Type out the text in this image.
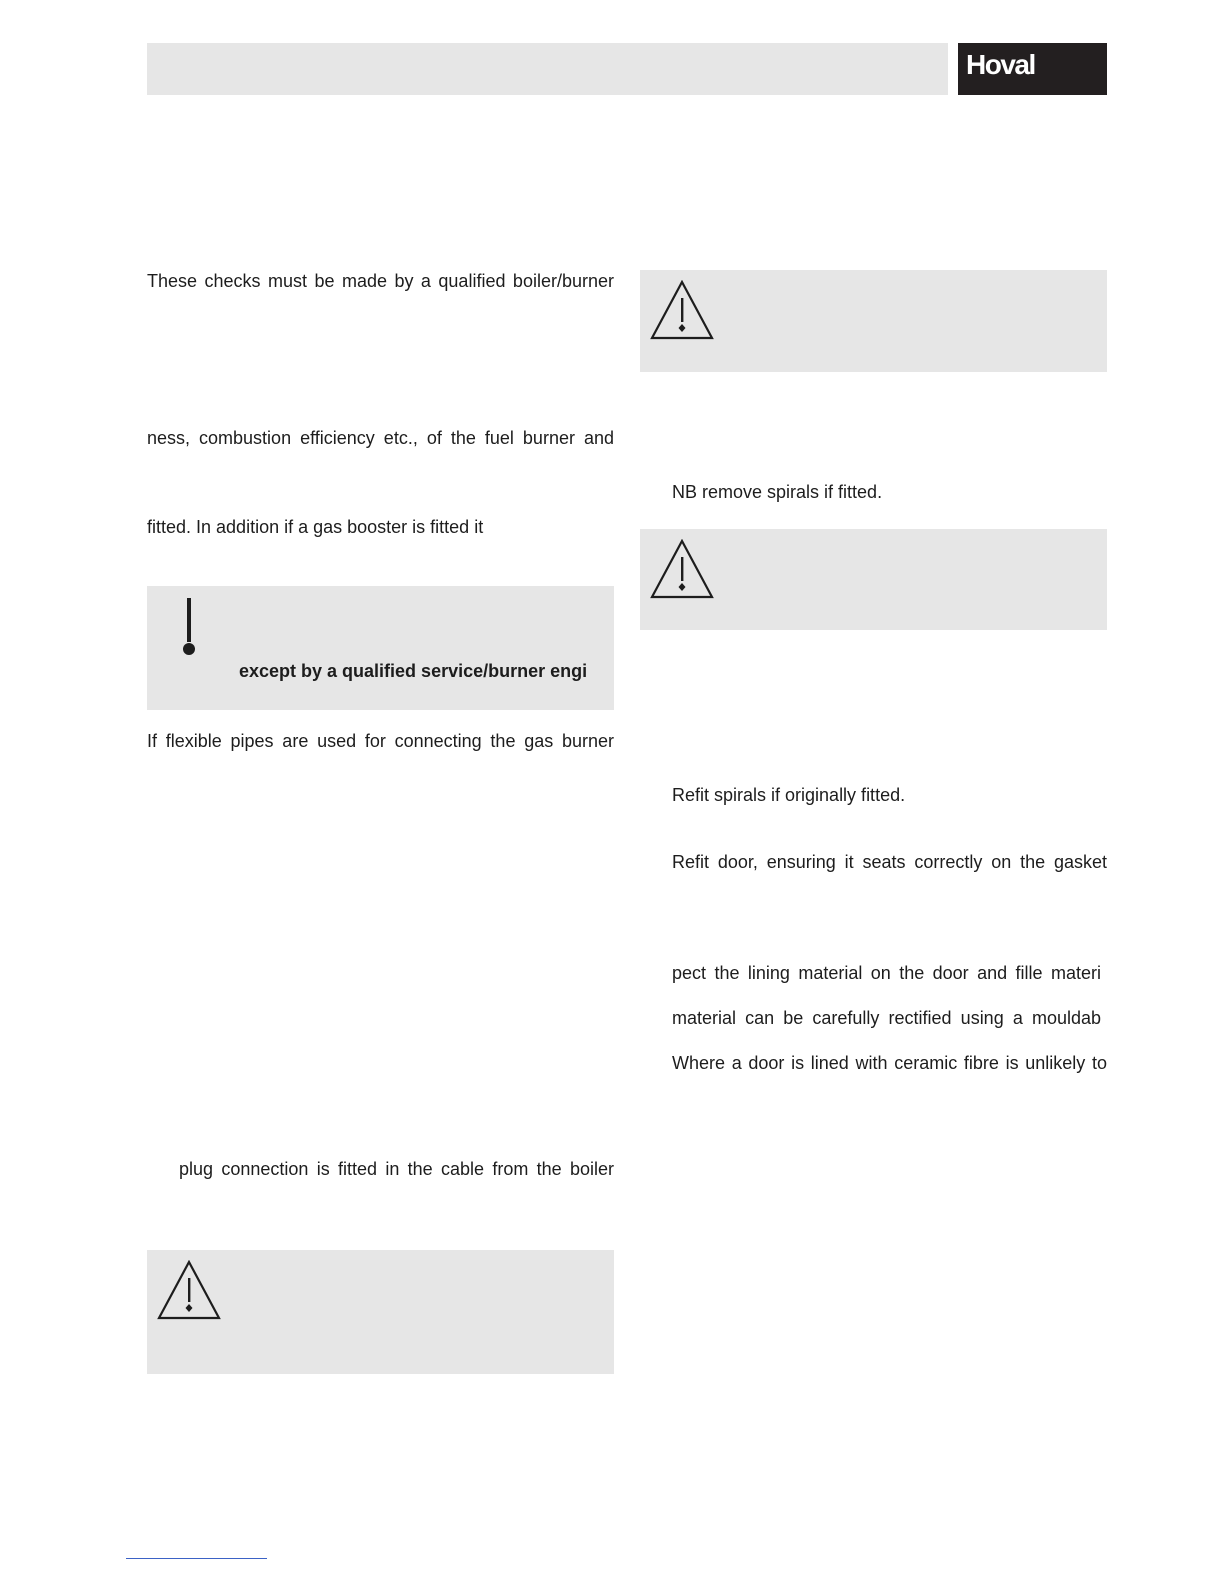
Hoval
These checks must be made by a qualified boiler/burner
ness, combustion efficiency etc., of the fuel burner and
fitted. In addition if a gas booster is fitted it
except by a qualified service/burner engi
If flexible pipes are used for connecting the gas burner
plug connection is fitted in the cable from the boiler
NB remove spirals if fitted.
Refit spirals if originally fitted.
Refit door, ensuring it seats correctly on the gasket
pect the lining material on the door and fille materi
material can be carefully rectified using a mouldab
Where a door is lined with ceramic fibre is unlikely to
